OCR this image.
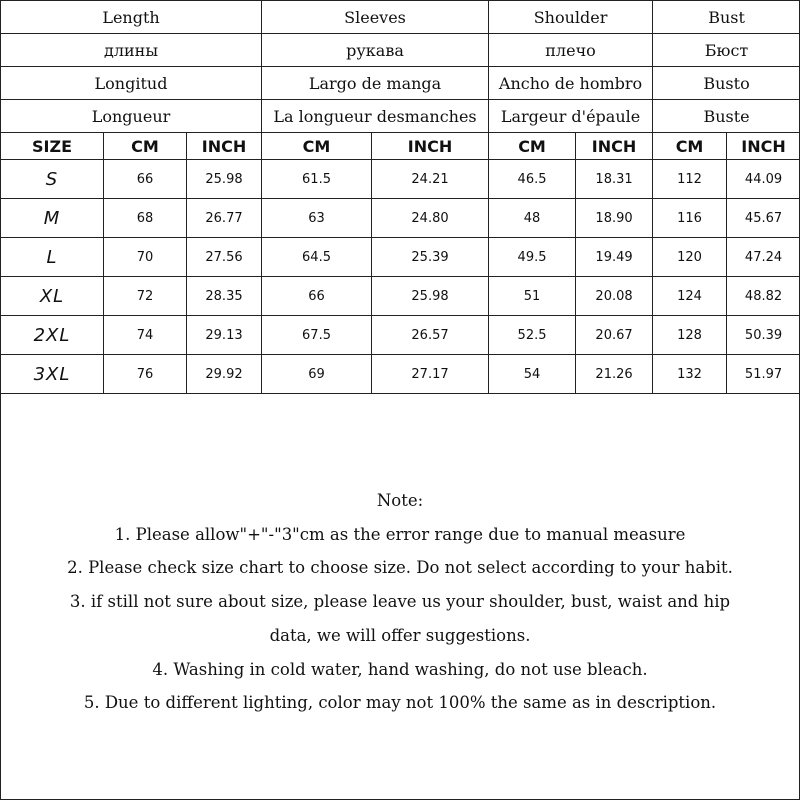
Length			Sleeves		Shoulder		Bust	
длины			рукава		плечо		Бюст	
Longitud			Largo de manga		Ancho de hombro		Busto	
Longueur			La longueur desmanches		Largeur d'épaule		Buste	
SIZE	CM	INCH	CM	INCH	CM	INCH	CM	INCH
S	66	25.98	61.5	24.21	46.5	18.31	112	44.09
M	68	26.77	63	24.80	48	18.90	116	45.67
L	70	27.56	64.5	25.39	49.5	19.49	120	47.24
XL	72	28.35	66	25.98	51	20.08	124	48.82
2XL	74	29.13	67.5	26.57	52.5	20.67	128	50.39
3XL	76	29.92	69	27.17	54	21.26	132	51.97
Note:
1. Please allow"+"-"3"cm as the error range due to manual measure
2. Please check size chart to choose size. Do not select according to your habit.
3. if still not sure about size, please leave us your shoulder, bust, waist and hip
data, we will offer suggestions.
4. Washing in cold water, hand washing, do not use bleach.
5. Due to different lighting, color may not 100% the same as in description.
